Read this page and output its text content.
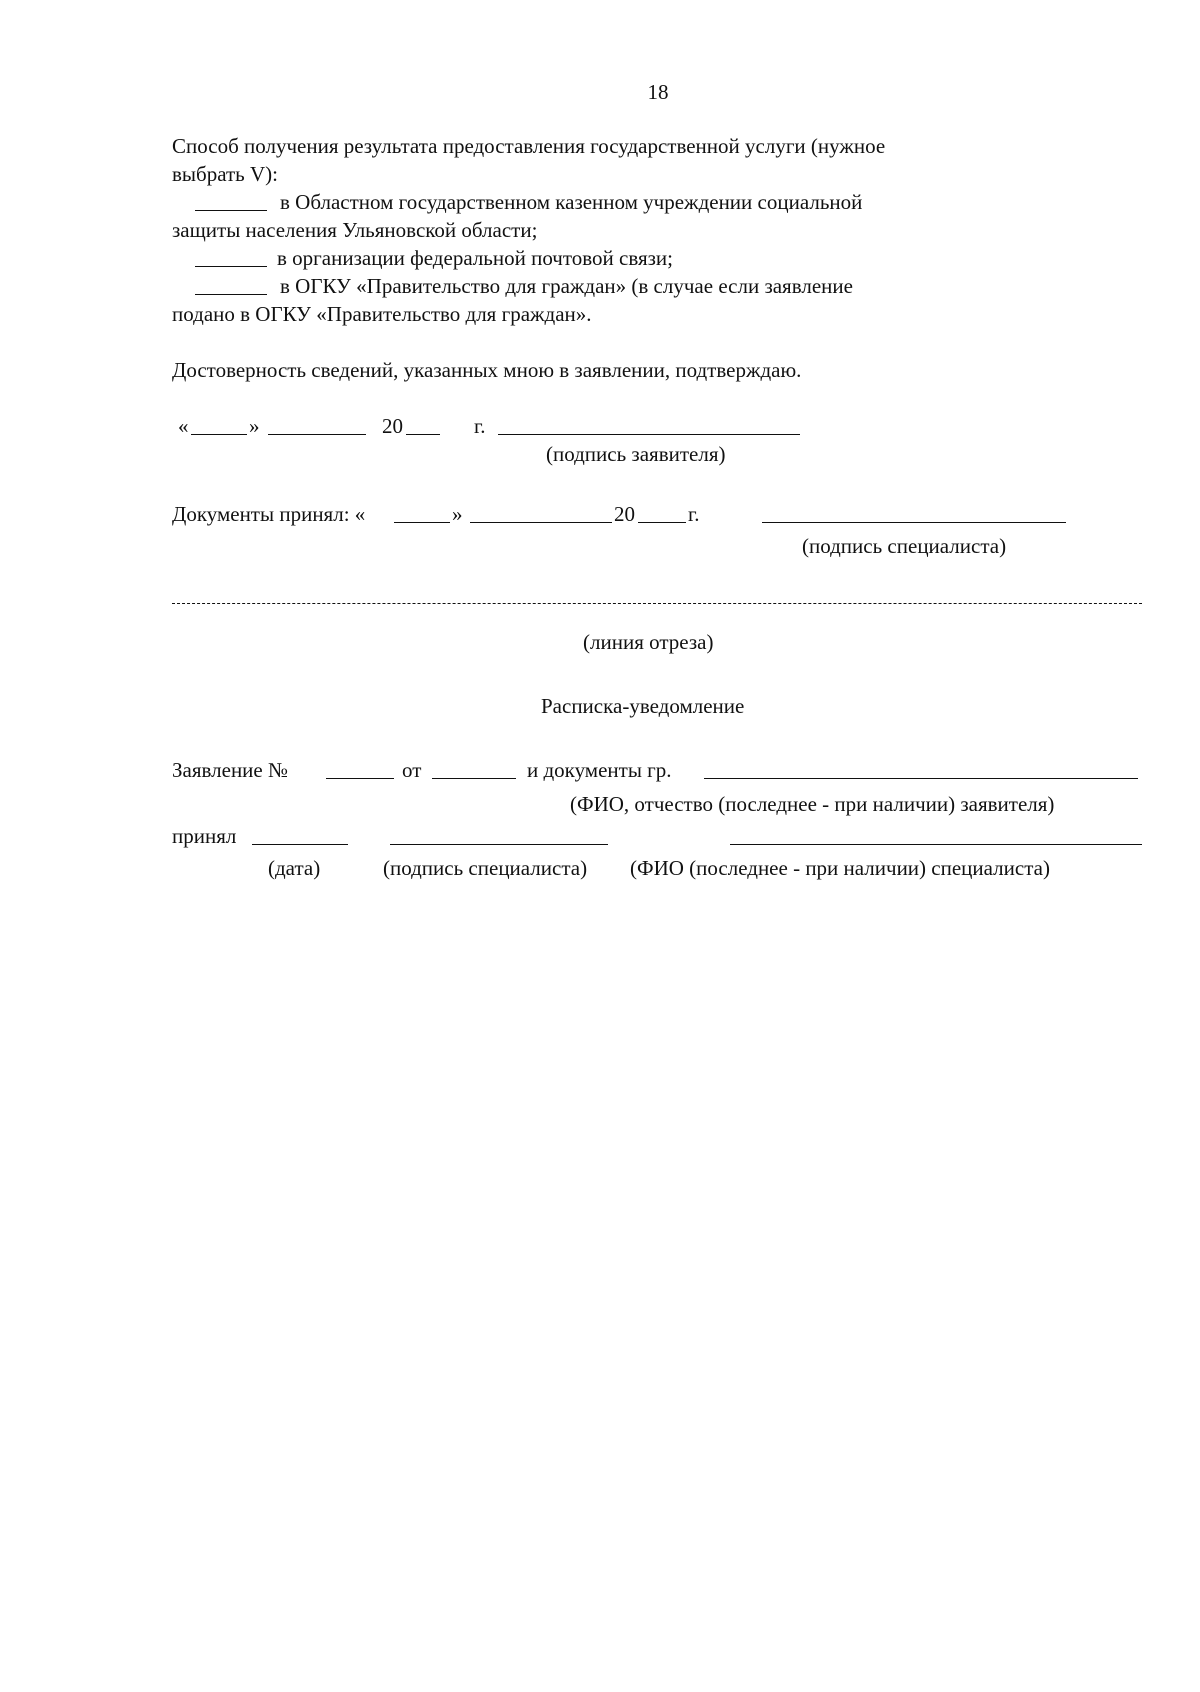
18
Способ получения результата предоставления государственной услуги (нужное
выбрать V):
в Областном государственном казенном учреждении социальной
защиты населения Ульяновской области;
в организации федеральной почтовой связи;
в ОГКУ «Правительство для граждан» (в случае если заявление
подано в ОГКУ «Правительство для граждан».
Достоверность сведений, указанных мною в заявлении, подтверждаю.
«	»	20	г.
(подпись заявителя)
Документы принял: «	»	20	г.
(подпись специалиста)
(линия отреза)
Расписка-уведомление
Заявление №	от	и документы гр.
(ФИО, отчество (последнее - при наличии) заявителя)
принял
(дата)	(подпись специалиста) (ФИО (последнее - при наличии) специалиста)
